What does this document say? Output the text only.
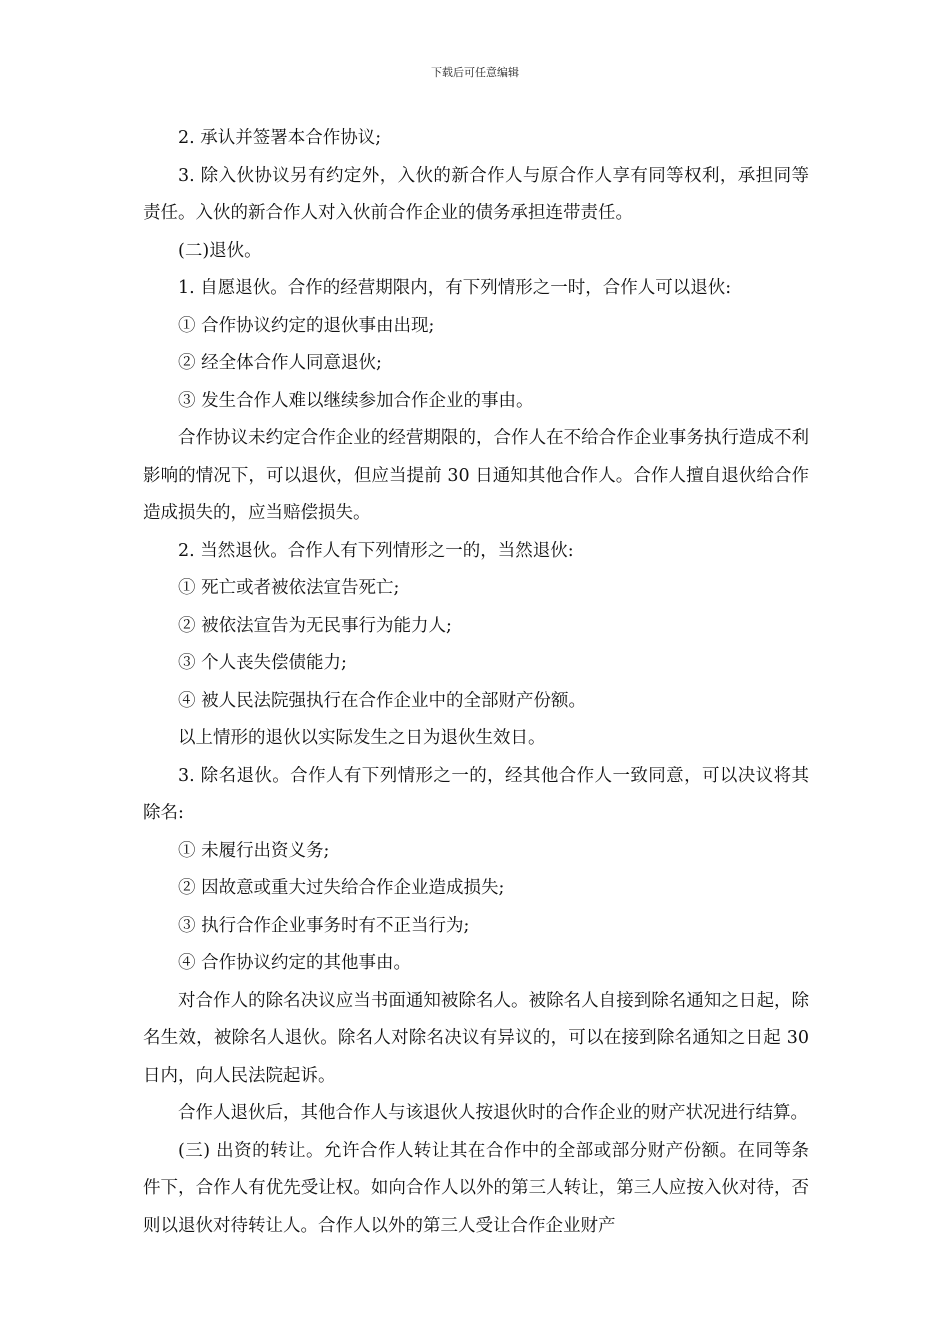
下载后可任意编辑

2. 承认并签署本合作协议;

3. 除入伙协议另有约定外，入伙的新合作人与原合作人享有同等权利，承担同等责任。入伙的新合作人对入伙前合作企业的债务承担连带责任。

(二)退伙。

1. 自愿退伙。合作的经营期限内，有下列情形之一时，合作人可以退伙:

① 合作协议约定的退伙事由出现;

② 经全体合作人同意退伙;

③ 发生合作人难以继续参加合作企业的事由。

合作协议未约定合作企业的经营期限的，合作人在不给合作企业事务执行造成不利影响的情况下，可以退伙，但应当提前 30 日通知其他合作人。合作人擅自退伙给合作造成损失的，应当赔偿损失。

2. 当然退伙。合作人有下列情形之一的，当然退伙:

① 死亡或者被依法宣告死亡;

② 被依法宣告为无民事行为能力人;

③ 个人丧失偿债能力;

④ 被人民法院强执行在合作企业中的全部财产份额。

以上情形的退伙以实际发生之日为退伙生效日。

3. 除名退伙。合作人有下列情形之一的，经其他合作人一致同意，可以决议将其除名:

① 未履行出资义务;

② 因故意或重大过失给合作企业造成损失;

③ 执行合作企业事务时有不正当行为;

④ 合作协议约定的其他事由。

对合作人的除名决议应当书面通知被除名人。被除名人自接到除名通知之日起，除名生效，被除名人退伙。除名人对除名决议有异议的，可以在接到除名通知之日起 30 日内，向人民法院起诉。

合作人退伙后，其他合作人与该退伙人按退伙时的合作企业的财产状况进行结算。

(三) 出资的转让。允许合作人转让其在合作中的全部或部分财产份额。在同等条件下，合作人有优先受让权。如向合作人以外的第三人转让，第三人应按入伙对待，否则以退伙对待转让人。合作人以外的第三人受让合作企业财产
